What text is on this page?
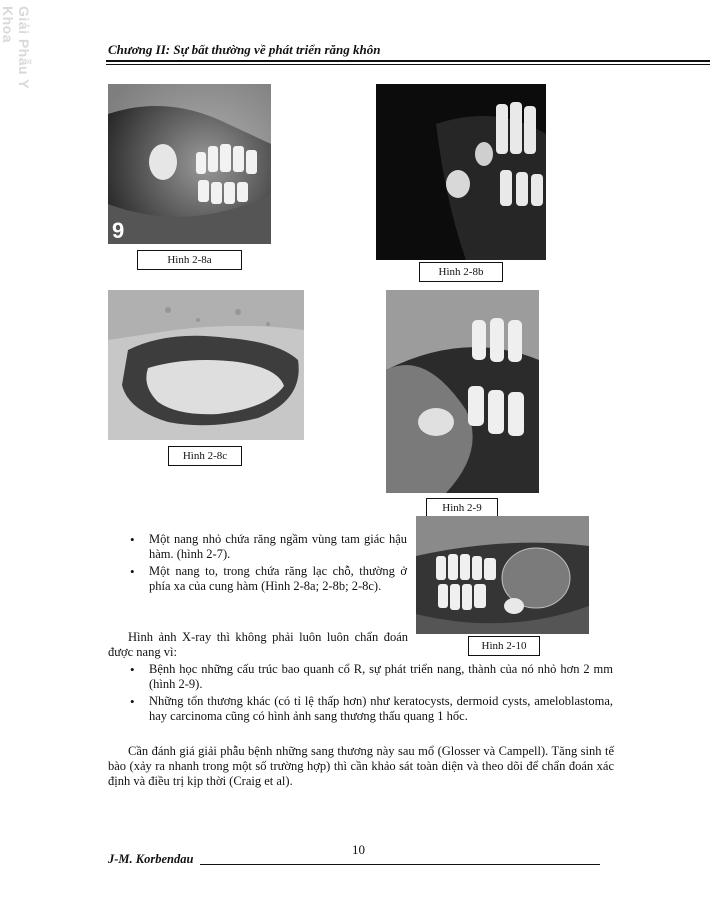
Giải Phẫu Y Khoa
Chương II: Sự bất thường về phát triển răng khôn
9
Hình 2-8a
Hình 2-8b
Hình 2-8c
Hình 2-9
Hình 2-10
• Một nang nhỏ chứa răng ngầm vùng tam giác hậu hàm. (hình 2-7).
• Một nang to, trong chứa răng lạc chỗ, thường ở phía xa của cung hàm (Hình 2-8a; 2-8b; 2-8c).
Hình ảnh X-ray thì không phải luôn luôn chẩn đoán được nang vì:
• Bệnh học những cấu trúc bao quanh cổ R, sự phát triển nang, thành của nó nhỏ hơn 2 mm (hình 2-9).
• Những tổn thương khác (có tỉ lệ thấp hơn) như keratocysts, dermoid cysts, ameloblastoma, hay carcinoma cũng có hình ảnh sang thương thấu quang 1 hốc.
Cần đánh giá giải phẫu bệnh những sang thương này sau mổ (Glosser và Campell). Tăng sinh tế bào (xảy ra nhanh trong một số trường hợp) thì cần khảo sát toàn diện và theo dõi để chẩn đoán xác định và điều trị kịp thời (Craig et al).
10
J-M. Korbendau
